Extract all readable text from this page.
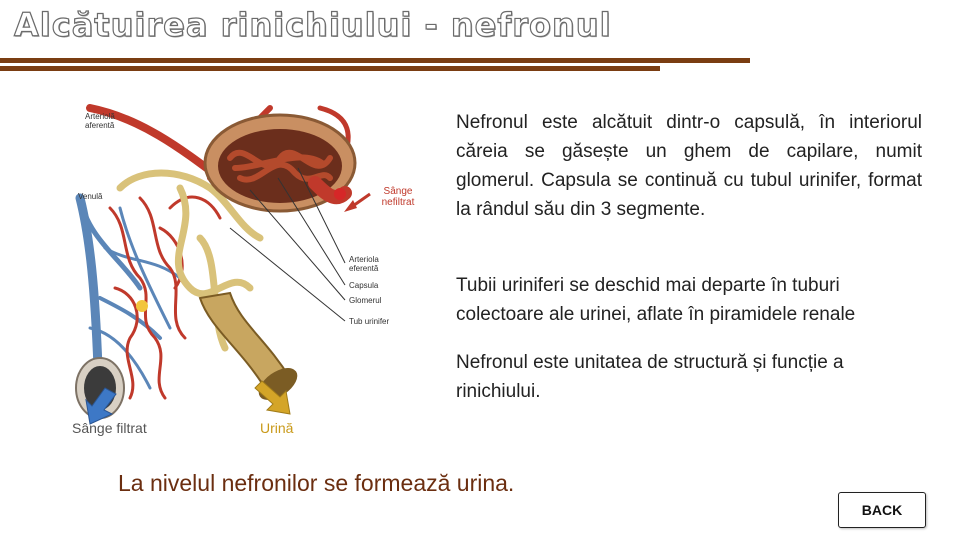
Alcătuirea rinichiului - nefronul
Arteriolă aferentă
Venulă	Sânge nefiltrat
Arteriola eferentă
Capsula
Glomerul
Tub urinifer
Sânge filtrat	Urină
Nefronul este alcătuit dintr-o capsulă, în interiorul căreia se găsește un ghem de capilare, numit glomerul. Capsula se continuă cu tubul urinifer, format la rândul său din 3 segmente.
Tubii uriniferi se deschid mai departe în tuburi colectoare ale urinei, aflate în piramidele renale
Nefronul este unitatea de structură și funcție a rinichiului.
La nivelul nefronilor se formează urina.
BACK
